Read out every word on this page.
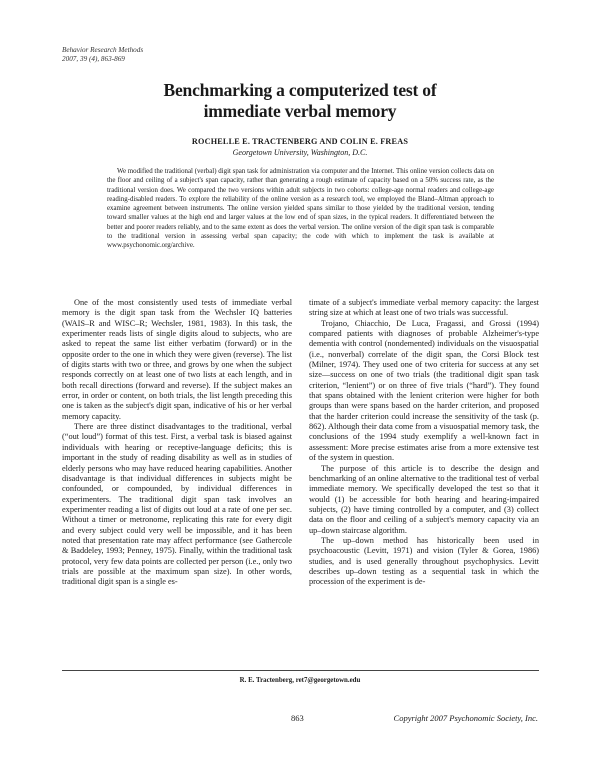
Behavior Research Methods
2007, 39 (4), 863-869
Benchmarking a computerized test of
immediate verbal memory
ROCHELLE E. TRACTENBERG AND COLIN E. FREAS
Georgetown University, Washington, D.C.
We modified the traditional (verbal) digit span task for administration via computer and the Internet. This online version collects data on the floor and ceiling of a subject's span capacity, rather than generating a rough estimate of capacity based on a 50% success rate, as the traditional version does. We compared the two versions within adult subjects in two cohorts: college-age normal readers and college-age reading-disabled readers. To explore the reliability of the online version as a research tool, we employed the Bland–Altman approach to examine agreement between instruments. The online version yielded spans similar to those yielded by the traditional version, tending toward smaller values at the high end and larger values at the low end of span sizes, in the typical readers. It differentiated between the better and poorer readers reliably, and to the same extent as does the verbal version. The online version of the digit span task is comparable to the traditional version in assessing verbal span capacity; the code with which to implement the task is available at www.psychonomic.org/archive.

One of the most consistently used tests of immediate verbal memory is the digit span task from the Wechsler IQ batteries (WAIS–R and WISC–R; Wechsler, 1981, 1983). In this task, the experimenter reads lists of single digits aloud to subjects, who are asked to repeat the same list either verbatim (forward) or in the opposite order to the one in which they were given (reverse). The list of digits starts with two or three, and grows by one when the subject responds correctly on at least one of two lists at each length, and in both recall directions (forward and reverse). If the subject makes an error, in order or content, on both trials, the list length preceding this one is taken as the subject's digit span, indicative of his or her verbal memory capacity.

There are three distinct disadvantages to the traditional, verbal (“out loud”) format of this test. First, a verbal task is biased against individuals with hearing or receptive-language deficits; this is important in the study of reading disability as well as in studies of elderly persons who may have reduced hearing capabilities. Another disadvantage is that individual differences in subjects might be confounded, or compounded, by individual differences in experimenters. The traditional digit span task involves an experimenter reading a list of digits out loud at a rate of one per sec. Without a timer or metronome, replicating this rate for every digit and every subject could very well be impossible, and it has been noted that presentation rate may affect performance (see Gathercole & Baddeley, 1993; Penney, 1975). Finally, within the traditional task protocol, very few data points are collected per person (i.e., only two trials are possible at the maximum span size). In other words, traditional digit span is a single es-

timate of a subject's immediate verbal memory capacity: the largest string size at which at least one of two trials was successful.

Trojano, Chiacchio, De Luca, Fragassi, and Grossi (1994) compared patients with diagnoses of probable Alzheimer's-type dementia with control (nondemented) individuals on the visuospatial (i.e., nonverbal) correlate of the digit span, the Corsi Block test (Milner, 1974). They used one of two criteria for success at any set size—success on one of two trials (the traditional digit span task criterion, “lenient”) or on three of five trials (“hard”). They found that spans obtained with the lenient criterion were higher for both groups than were spans based on the harder criterion, and proposed that the harder criterion could increase the sensitivity of the task (p. 862). Although their data come from a visuospatial memory task, the conclusions of the 1994 study exemplify a well-known fact in assessment: More precise estimates arise from a more extensive test of the system in question.

The purpose of this article is to describe the design and benchmarking of an online alternative to the traditional test of verbal immediate memory. We specifically developed the test so that it would (1) be accessible for both hearing and hearing-impaired subjects, (2) have timing controlled by a computer, and (3) collect data on the floor and ceiling of a subject's memory capacity via an up–down staircase algorithm.

The up–down method has historically been used in psychoacoustic (Levitt, 1971) and vision (Tyler & Gorea, 1986) studies, and is used generally throughout psychophysics. Levitt describes up–down testing as a sequential task in which the procession of the experiment is de-

R. E. Tractenberg, ret7@georgetown.edu
863	Copyright 2007 Psychonomic Society, Inc.
